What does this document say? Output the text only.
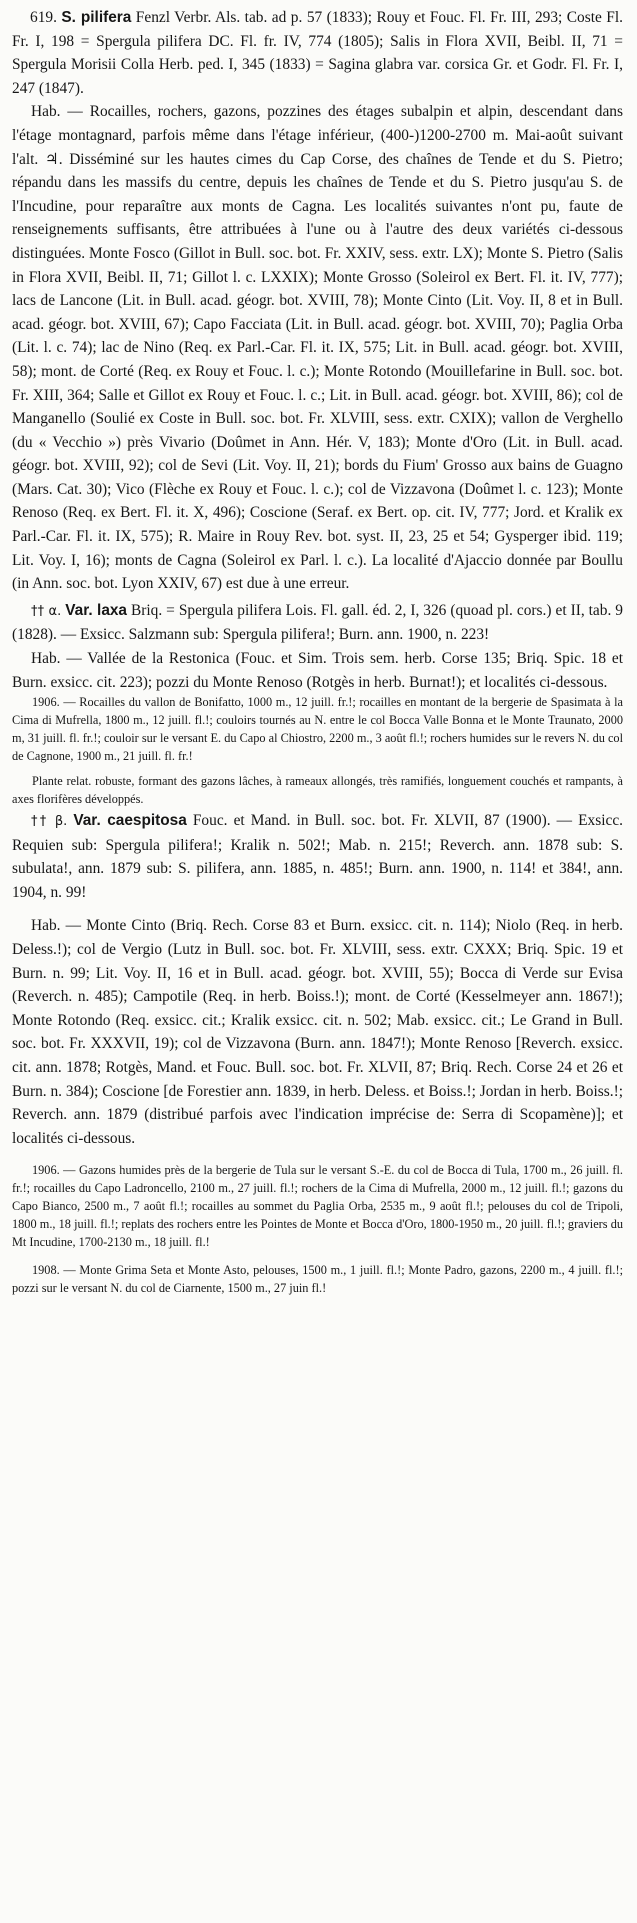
619. S. pilifera Fenzl Verbr. Als. tab. ad p. 57 (1833); Rouy et Fouc. Fl. Fr. III, 293; Coste Fl. Fr. I, 198 = Spergula pilifera DC. Fl. fr. IV, 774 (1805); Salis in Flora XVII, Beibl. II, 71 = Spergula Morisii Colla Herb. ped. I, 345 (1833) = Sagina glabra var. corsica Gr. et Godr. Fl. Fr. I, 247 (1847).

Hab. — Rocailles, rochers, gazons, pozzines des étages subalpin et alpin, descendant dans l'étage montagnard, parfois même dans l'étage inférieur, (400-)1200-2700 m. Mai-août suivant l'alt. ♃. Disséminé sur les hautes cimes du Cap Corse, des chaînes de Tende et du S. Pietro; répandu dans les massifs du centre, depuis les chaînes de Tende et du S. Pietro jusqu'au S. de l'Incudine, pour reparaître aux monts de Cagna. Les localités suivantes n'ont pu, faute de renseignements suffisants, être attribuées à l'une ou à l'autre des deux variétés ci-dessous distinguées. Monte Fosco (Gillot in Bull. soc. bot. Fr. XXIV, sess. extr. LX); Monte S. Pietro (Salis in Flora XVII, Beibl. II, 71; Gillot l. c. LXXIX); Monte Grosso (Soleirol ex Bert. Fl. it. IV, 777); lacs de Lancone (Lit. in Bull. acad. géogr. bot. XVIII, 78); Monte Cinto (Lit. Voy. II, 8 et in Bull. acad. géogr. bot. XVIII, 67); Capo Facciata (Lit. in Bull. acad. géogr. bot. XVIII, 70); Paglia Orba (Lit. l. c. 74); lac de Nino (Req. ex Parl.-Car. Fl. it. IX, 575; Lit. in Bull. acad. géogr. bot. XVIII, 58); mont. de Corté (Req. ex Rouy et Fouc. l. c.); Monte Rotondo (Mouillefarine in Bull. soc. bot. Fr. XIII, 364; Salle et Gillot ex Rouy et Fouc. l. c.; Lit. in Bull. acad. géogr. bot. XVIII, 86); col de Manganello (Soulié ex Coste in Bull. soc. bot. Fr. XLVIII, sess. extr. CXIX); vallon de Verghello (du « Vecchio ») près Vivario (Doûmet in Ann. Hér. V, 183); Monte d'Oro (Lit. in Bull. acad. géogr. bot. XVIII, 92); col de Sevi (Lit. Voy. II, 21); bords du Fium' Grosso aux bains de Guagno (Mars. Cat. 30); Vico (Flèche ex Rouy et Fouc. l. c.); col de Vizzavona (Doûmet l. c. 123); Monte Renoso (Req. ex Bert. Fl. it. X, 496); Coscione (Seraf. ex Bert. op. cit. IV, 777; Jord. et Kralik ex Parl.-Car. Fl. it. IX, 575); R. Maire in Rouy Rev. bot. syst. II, 23, 25 et 54; Gysperger ibid. 119; Lit. Voy. I, 16); monts de Cagna (Soleirol ex Parl. l. c.). La localité d'Ajaccio donnée par Boullu (in Ann. soc. bot. Lyon XXIV, 67) est due à une erreur.

†† α. Var. laxa Briq. = Spergula pilifera Lois. Fl. gall. éd. 2, I, 326 (quoad pl. cors.) et II, tab. 9 (1828). — Exsicc. Salzmann sub: Spergula pilifera!; Burn. ann. 1900, n. 223!

Hab. — Vallée de la Restonica (Fouc. et Sim. Trois sem. herb. Corse 135; Briq. Spic. 18 et Burn. exsicc. cit. 223); pozzi du Monte Renoso (Rotgès in herb. Burnat!); et localités ci-dessous.

1906. — Rocailles du vallon de Bonifatto, 1000 m., 12 juill. fr.!; rocailles en montant de la bergerie de Spasimata à la Cima di Mufrella, 1800 m., 12 juill. fl.!; couloirs tournés au N. entre le col Bocca Valle Bonna et le Monte Traunato, 2000 m, 31 juill. fl. fr.!; couloir sur le versant E. du Capo al Chiostro, 2200 m., 3 août fl.!; rochers humides sur le revers N. du col de Cagnone, 1900 m., 21 juill. fl. fr.!

Plante relat. robuste, formant des gazons lâches, à rameaux allongés, très ramifiés, longuement couchés et rampants, à axes florifères développés.

†† β. Var. caespitosa Fouc. et Mand. in Bull. soc. bot. Fr. XLVII, 87 (1900). — Exsicc. Requien sub: Spergula pilifera!; Kralik n. 502!; Mab. n. 215!; Reverch. ann. 1878 sub: S. subulata!, ann. 1879 sub: S. pilifera, ann. 1885, n. 485!; Burn. ann. 1900, n. 114! et 384!, ann. 1904, n. 99!

Hab. — Monte Cinto (Briq. Rech. Corse 83 et Burn. exsicc. cit. n. 114); Niolo (Req. in herb. Deless.!); col de Vergio (Lutz in Bull. soc. bot. Fr. XLVIII, sess. extr. CXXX; Briq. Spic. 19 et Burn. n. 99; Lit. Voy. II, 16 et in Bull. acad. géogr. bot. XVIII, 55); Bocca di Verde sur Evisa (Reverch. n. 485); Campotile (Req. in herb. Boiss.!); mont. de Corté (Kesselmeyer ann. 1867!); Monte Rotondo (Req. exsicc. cit.; Kralik exsicc. cit. n. 502; Mab. exsicc. cit.; Le Grand in Bull. soc. bot. Fr. XXXVII, 19); col de Vizzavona (Burn. ann. 1847!); Monte Renoso [Reverch. exsicc. cit. ann. 1878; Rotgès, Mand. et Fouc. Bull. soc. bot. Fr. XLVII, 87; Briq. Rech. Corse 24 et 26 et Burn. n. 384); Coscione [de Forestier ann. 1839, in herb. Deless. et Boiss.!; Jordan in herb. Boiss.!; Reverch. ann. 1879 (distribué parfois avec l'indication imprécise de: Serra di Scopamène)]; et localités ci-dessous.

1906. — Gazons humides près de la bergerie de Tula sur le versant S.-E. du col de Bocca di Tula, 1700 m., 26 juill. fl. fr.!; rocailles du Capo Ladroncello, 2100 m., 27 juill. fl.!; rochers de la Cima di Mufrella, 2000 m., 12 juill. fl.!; gazons du Capo Bianco, 2500 m., 7 août fl.!; rocailles au sommet du Paglia Orba, 2535 m., 9 août fl.!; pelouses du col de Tripoli, 1800 m., 18 juill. fl.!; replats des rochers entre les Pointes de Monte et Bocca d'Oro, 1800-1950 m., 20 juill. fl.!; graviers du Mt Incudine, 1700-2130 m., 18 juill. fl.!

1908. — Monte Grima Seta et Monte Asto, pelouses, 1500 m., 1 juill. fl.!; Monte Padro, gazons, 2200 m., 4 juill. fl.!; pozzi sur le versant N. du col de Ciarnente, 1500 m., 27 juin fl.!
